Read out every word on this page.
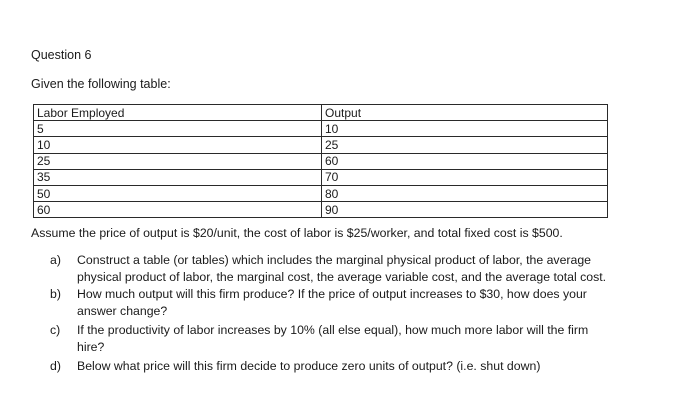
Question 6
Given the following table:
Labor Employed	Output
5	10
10	25
25	60
35	70
50	80
60	90
Assume the price of output is $20/unit, the cost of labor is $25/worker, and total fixed cost is $500.
a) Construct a table (or tables) which includes the marginal physical product of labor, the average
physical product of labor, the marginal cost, the average variable cost, and the average total cost.
b) How much output will this firm produce? If the price of output increases to $30, how does your
answer change?
c) If the productivity of labor increases by 10% (all else equal), how much more labor will the firm
hire?
d) Below what price will this firm decide to produce zero units of output? (i.e. shut down)
